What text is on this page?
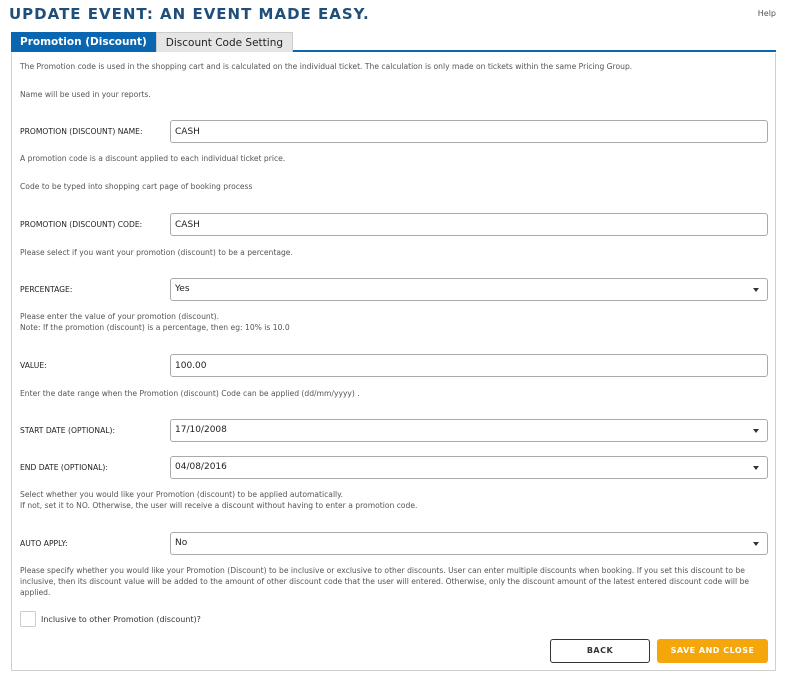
UPDATE EVENT: AN EVENT MADE EASY.	Help
Promotion (Discount)	Discount Code Setting
The Promotion code is used in the shopping cart and is calculated on the individual ticket. The calculation is only made on tickets within the same Pricing Group.
Name will be used in your reports.
PROMOTION (DISCOUNT) NAME:
CASH
A promotion code is a discount applied to each individual ticket price.
Code to be typed into shopping cart page of booking process
PROMOTION (DISCOUNT) CODE:
CASH
Please select if you want your promotion (discount) to be a percentage.
PERCENTAGE:	Yes
Please enter the value of your promotion (discount).
Note: If the promotion (discount) is a percentage, then eg: 10% is 10.0
VALUE:
100.00
Enter the date range when the Promotion (discount) Code can be applied (dd/mm/yyyy) .
START DATE (OPTIONAL):	17/10/2008
END DATE (OPTIONAL):	04/08/2016
Select whether you would like your Promotion (discount) to be applied automatically.
If not, set it to NO. Otherwise, the user will receive a discount without having to enter a promotion code.
AUTO APPLY:	No
Please specify whether you would like your Promotion (Discount) to be inclusive or exclusive to other discounts. User can enter multiple discounts when booking. If you set this discount to be inclusive, then its discount value will be added to the amount of other discount code that the user will entered. Otherwise, only the discount amount of the latest entered discount code will be applied.
Inclusive to other Promotion (discount)?
BACK	SAVE AND CLOSE
